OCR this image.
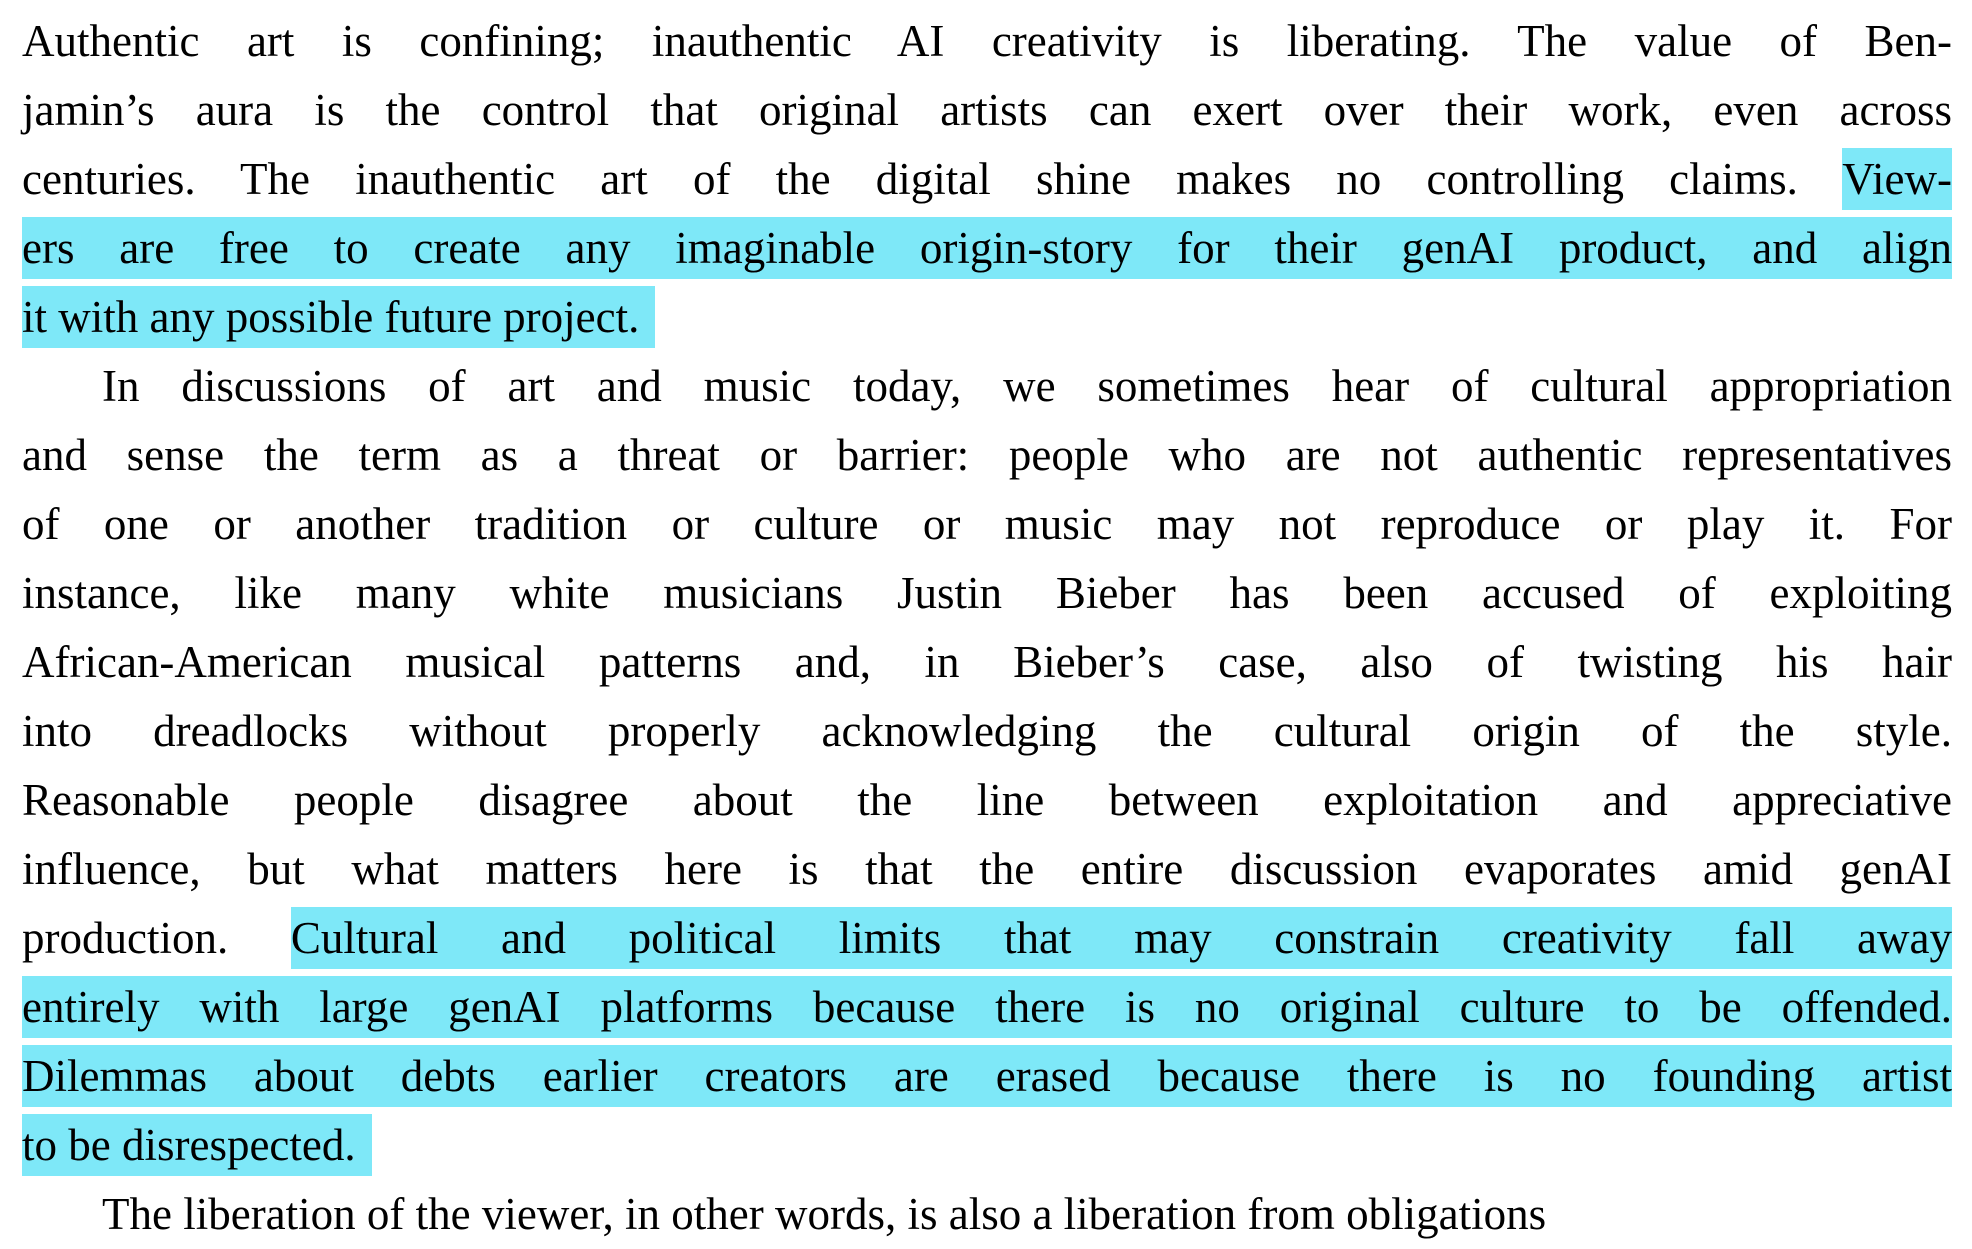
Authentic art is confining; inauthentic AI creativity is liberating. The value of Ben-
jamin’s aura is the control that original artists can exert over their work, even across
centuries. The inauthentic art of the digital shine makes no controlling claims. View-
ers are free to create any imaginable origin-story for their genAI product, and align
it with any possible future project.
In discussions of art and music today, we sometimes hear of cultural appropriation
and sense the term as a threat or barrier: people who are not authentic representatives
of one or another tradition or culture or music may not reproduce or play it. For
instance, like many white musicians Justin Bieber has been accused of exploiting
African-American musical patterns and, in Bieber’s case, also of twisting his hair
into dreadlocks without properly acknowledging the cultural origin of the style.
Reasonable people disagree about the line between exploitation and appreciative
influence, but what matters here is that the entire discussion evaporates amid genAI
production. Cultural and political limits that may constrain creativity fall away
entirely with large genAI platforms because there is no original culture to be offended.
Dilemmas about debts earlier creators are erased because there is no founding artist
to be disrespected.
The liberation of the viewer, in other words, is also a liberation from obligations
